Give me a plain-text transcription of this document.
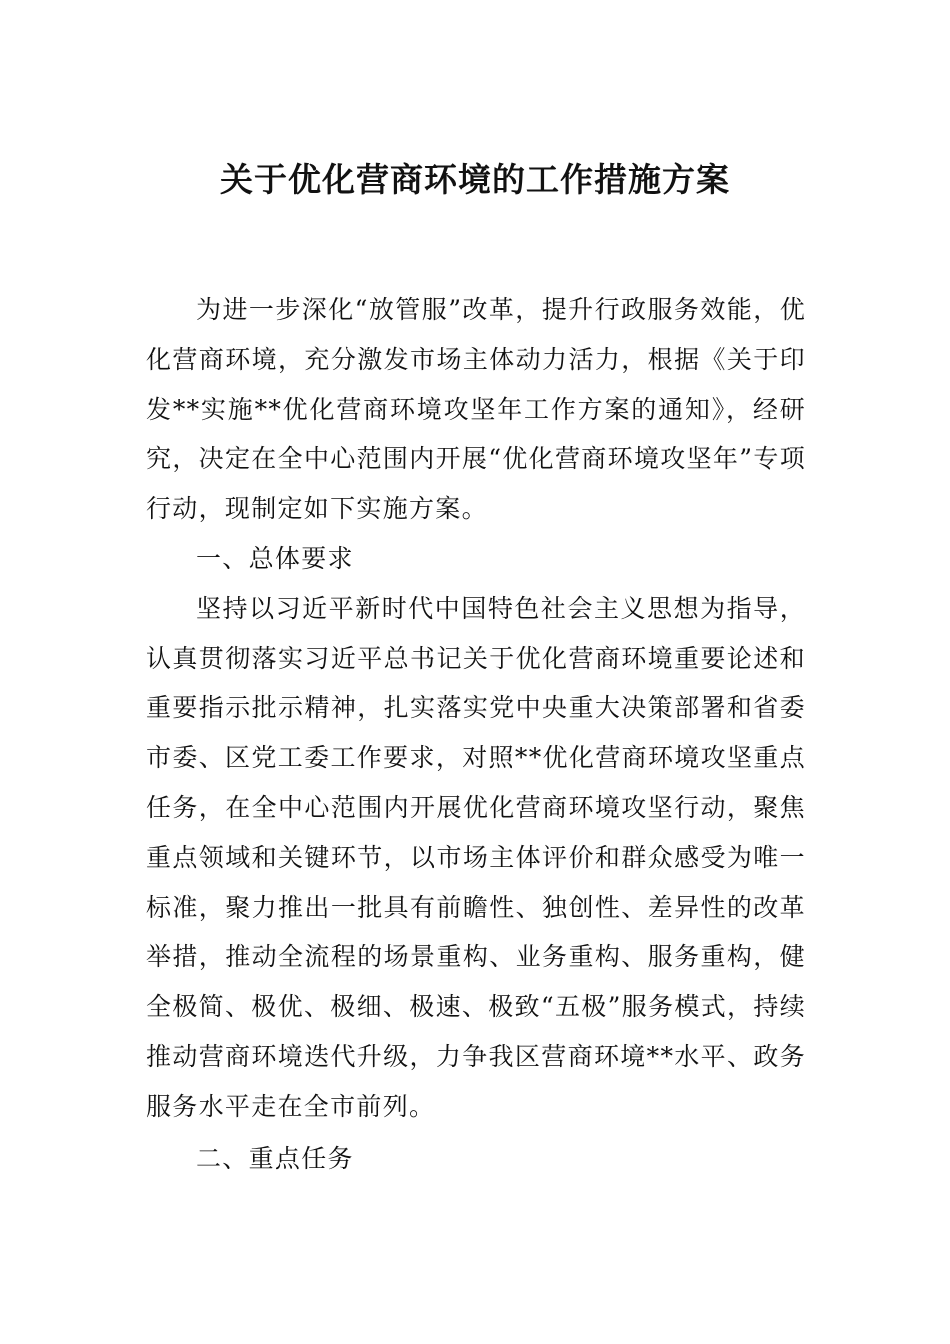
关于优化营商环境的工作措施方案

为进一步深化“放管服”改革，提升行政服务效能，优化营商环境，充分激发市场主体动力活力，根据《关于印发**实施**优化营商环境攻坚年工作方案的通知》，经研究，决定在全中心范围内开展“优化营商环境攻坚年”专项行动，现制定如下实施方案。

一、总体要求

坚持以习近平新时代中国特色社会主义思想为指导，认真贯彻落实习近平总书记关于优化营商环境重要论述和重要指示批示精神，扎实落实党中央重大决策部署和省委市委、区党工委工作要求，对照**优化营商环境攻坚重点任务，在全中心范围内开展优化营商环境攻坚行动，聚焦重点领域和关键环节，以市场主体评价和群众感受为唯一标准，聚力推出一批具有前瞻性、独创性、差异性的改革举措，推动全流程的场景重构、业务重构、服务重构，健全极简、极优、极细、极速、极致“五极”服务模式，持续推动营商环境迭代升级，力争我区营商环境**水平、政务服务水平走在全市前列。

二、重点任务
